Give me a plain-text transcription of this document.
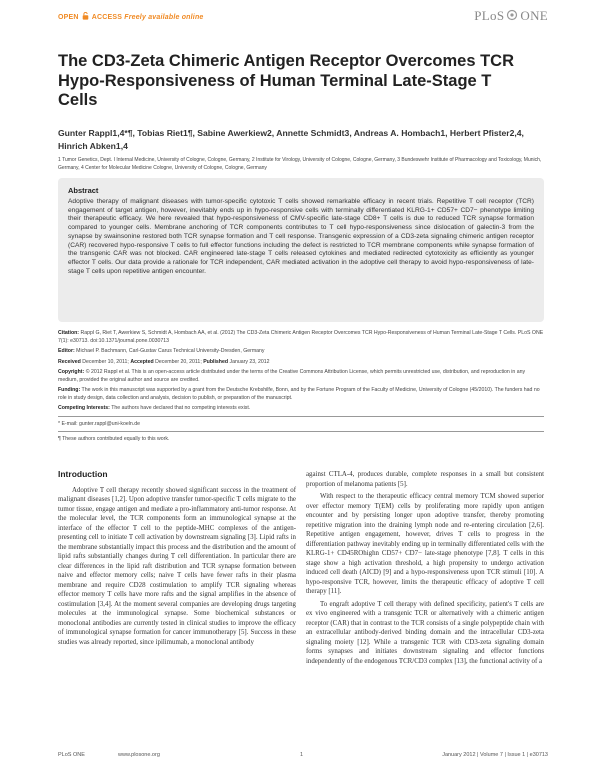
OPEN ACCESS Freely available online	PLoS ONE
The CD3-Zeta Chimeric Antigen Receptor Overcomes TCR Hypo-Responsiveness of Human Terminal Late-Stage T Cells
Gunter Rappl1,4*¶, Tobias Riet1¶, Sabine Awerkiew2, Annette Schmidt3, Andreas A. Hombach1, Herbert Pfister2,4, Hinrich Abken1,4
1 Tumor Genetics, Dept. I Internal Medicine, University of Cologne, Cologne, Germany, 2 Institute for Virology, University of Cologne, Cologne, Germany, 3 Bundeswehr Institute of Pharmacology and Toxicology, Munich, Germany, 4 Center for Molecular Medicine Cologne, University of Cologne, Cologne, Germany
Abstract
Adoptive therapy of malignant diseases with tumor-specific cytotoxic T cells showed remarkable efficacy in recent trials. Repetitive T cell receptor (TCR) engagement of target antigen, however, inevitably ends up in hypo-responsive cells with terminally differentiated KLRG-1+ CD57+ CD7− phenotype limiting their therapeutic efficacy. We here revealed that hypo-responsiveness of CMV-specific late-stage CD8+ T cells is due to reduced TCR synapse formation compared to younger cells. Membrane anchoring of TCR components contributes to T cell hypo-responsiveness since dislocation of galectin-3 from the synapse by swainsonine restored both TCR synapse formation and T cell response. Transgenic expression of a CD3-zeta signaling chimeric antigen receptor (CAR) recovered hypo-responsive T cells to full effector functions including the defect is restricted to TCR membrane components while synapse formation of the transgenic CAR was not blocked. CAR engineered late-stage T cells released cytokines and mediated redirected cytotoxicity as efficiently as younger effector T cells. Our data provide a rationale for TCR independent, CAR mediated activation in the adoptive cell therapy to avoid hypo-responsiveness of late-stage T cells upon repetitive antigen encounter.

Citation: Rappl G, Riet T, Awerkiew S, Schmidt A, Hombach AA, et al. (2012) The CD3-Zeta Chimeric Antigen Receptor Overcomes TCR Hypo-Responsiveness of Human Terminal Late-Stage T Cells. PLoS ONE 7(1): e30713. doi:10.1371/journal.pone.0030713

Editor: Michael P. Bachmann, Carl-Gustav Carus Technical University-Dresden, Germany

Received December 10, 2011; Accepted December 20, 2011; Published January 23, 2012

Copyright: © 2012 Rappl et al. This is an open-access article distributed under the terms of the Creative Commons Attribution License, which permits unrestricted use, distribution, and reproduction in any medium, provided the original author and source are credited.

Funding: The work in this manuscript was supported by a grant from the Deutsche Krebshilfe, Bonn, and by the Fortune Program of the Faculty of Medicine, University of Cologne (45/2010). The funders had no role in study design, data collection and analysis, decision to publish, or preparation of the manuscript.

Competing Interests: The authors have declared that no competing interests exist.

* E-mail: gunter.rappl@uni-koeln.de

¶ These authors contributed equally to this work.

Introduction

Adoptive T cell therapy recently showed significant success in the treatment of malignant diseases [1,2]. Upon adoptive transfer tumor-specific T cells migrate to the tumor tissue, engage antigen and mediate a pro-inflammatory anti-tumor response. At the molecular level, the TCR components form an immunological synapse at the interface of the effector T cell to the peptide-MHC complexes of the antigen-presenting cell to initiate T cell activation by downstream signaling [3]. Lipid rafts in the membrane substantially impact this process and the distribution and the amount of lipid rafts substantially changes during T cell differentiation. In particular there are clear differences in the lipid raft distribution and TCR synapse formation between naive and effector memory cells; naive T cells have fewer rafts in their plasma membrane and require CD28 costimulation to amplify TCR signaling whereas effector memory T cells have more rafts and the signal amplifies in the absence of costimulation [3,4]. At the moment several companies are developing drugs targeting molecules at the immunological synapse. Some biochemical substances or monoclonal antibodies are currently tested in clinical studies to improve the efficacy of immunological synapse formation for cancer immunotherapy [5]. Success in these studies was already reported, since ipilimumab, a monoclonal antibody

against CTLA-4, produces durable, complete responses in a small but consistent proportion of melanoma patients [5].

With respect to the therapeutic efficacy central memory TCM showed superior over effector memory T(EM) cells by proliferating more rapidly upon antigen encounter and by persisting longer upon adoptive transfer, thereby promoting repetitive migration into the draining lymph node and re-entering circulation [2,6]. Repetitive antigen engagement, however, drives T cells to progress in the differentiation pathway inevitably ending up in terminally differentiated cells with the KLRG-1+ CD45ROhighn CD57+ CD7− late-stage phenotype [7,8]. T cells in this stage show a high activation threshold, a high propensity to undergo activation induced cell death (AICD) [9] and a hypo-responsiveness upon TCR stimuli [10]. A hypo-responsive TCR, however, limits the therapeutic efficacy of adoptive T cell therapy [11].

To engraft adoptive T cell therapy with defined specificity, patient's T cells are ex vivo engineered with a transgenic TCR or alternatively with a chimeric antigen receptor (CAR) that in contrast to the TCR consists of a single polypeptide chain with an extracellular antibody-derived binding domain and the intracellular CD3-zeta signaling moiety [12]. While a transgenic TCR with CD3-zeta signaling domain forms synapses and initiates downstream signaling and effector functions independently of the endogenous TCR/CD3 complex [13], the functional activity of a

PLoS ONE	www.plosone.org	1	January 2012 | Volume 7 | Issue 1 | e30713
